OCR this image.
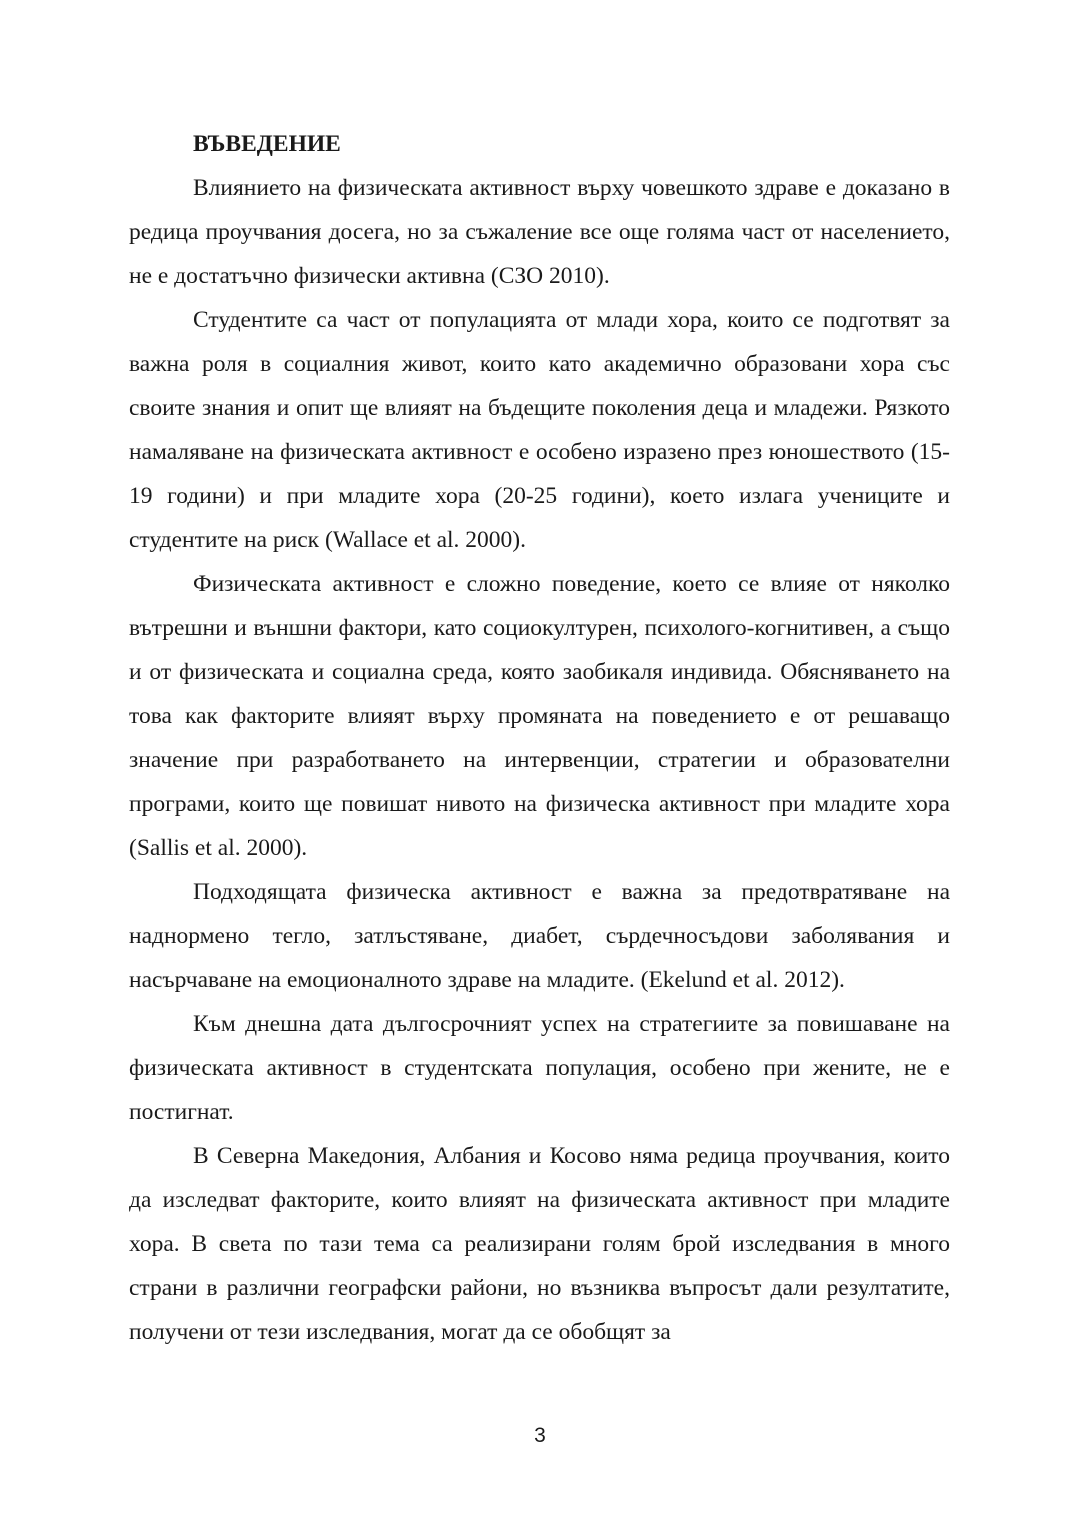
ВЪВЕДЕНИЕ

Влиянието на физическата активност върху човешкото здраве е доказано в редица проучвания досега, но за съжаление все още голяма част от населението, не е достатъчно физически активна (СЗО 2010).

Студентите са част от популацията от млади хора, които се подготвят за важна роля в социалния живот, които като академично образовани хора със своите знания и опит ще влияят на бъдещите поколения деца и младежи. Рязкото намаляване на физическата активност е особено изразено през юношеството (15-19 години) и при младите хора (20-25 години), което излага учениците и студентите на риск (Wallace et al. 2000).

Физическата активност е сложно поведение, което се влияе от няколко вътрешни и външни фактори, като социокултурен, психолого-когнитивен, а също и от физическата и социална среда, която заобикаля индивида. Обясняването на това как факторите влияят върху промяната на поведението е от решаващо значение при разработването на интервенции, стратегии и образователни програми, които ще повишат нивото на физическа активност при младите хора (Sallis et al. 2000).

Подходящата физическа активност е важна за предотвратяване на наднормено тегло, затлъстяване, диабет, сърдечносъдови заболявания и насърчаване на емоционалното здраве на младите. (Ekelund et al. 2012).

Към днешна дата дългосрочният успех на стратегиите за повишаване на физическата активност в студентската популация, особено при жените, не е постигнат.

В Северна Македония, Албания и Косово няма редица проучвания, които да изследват факторите, които влияят на физическата активност при младите хора. В света по тази тема са реализирани голям брой изследвания в много страни в различни географски райони, но възниква въпросът дали резултатите, получени от тези изследвания, могат да се обобщят за

3
